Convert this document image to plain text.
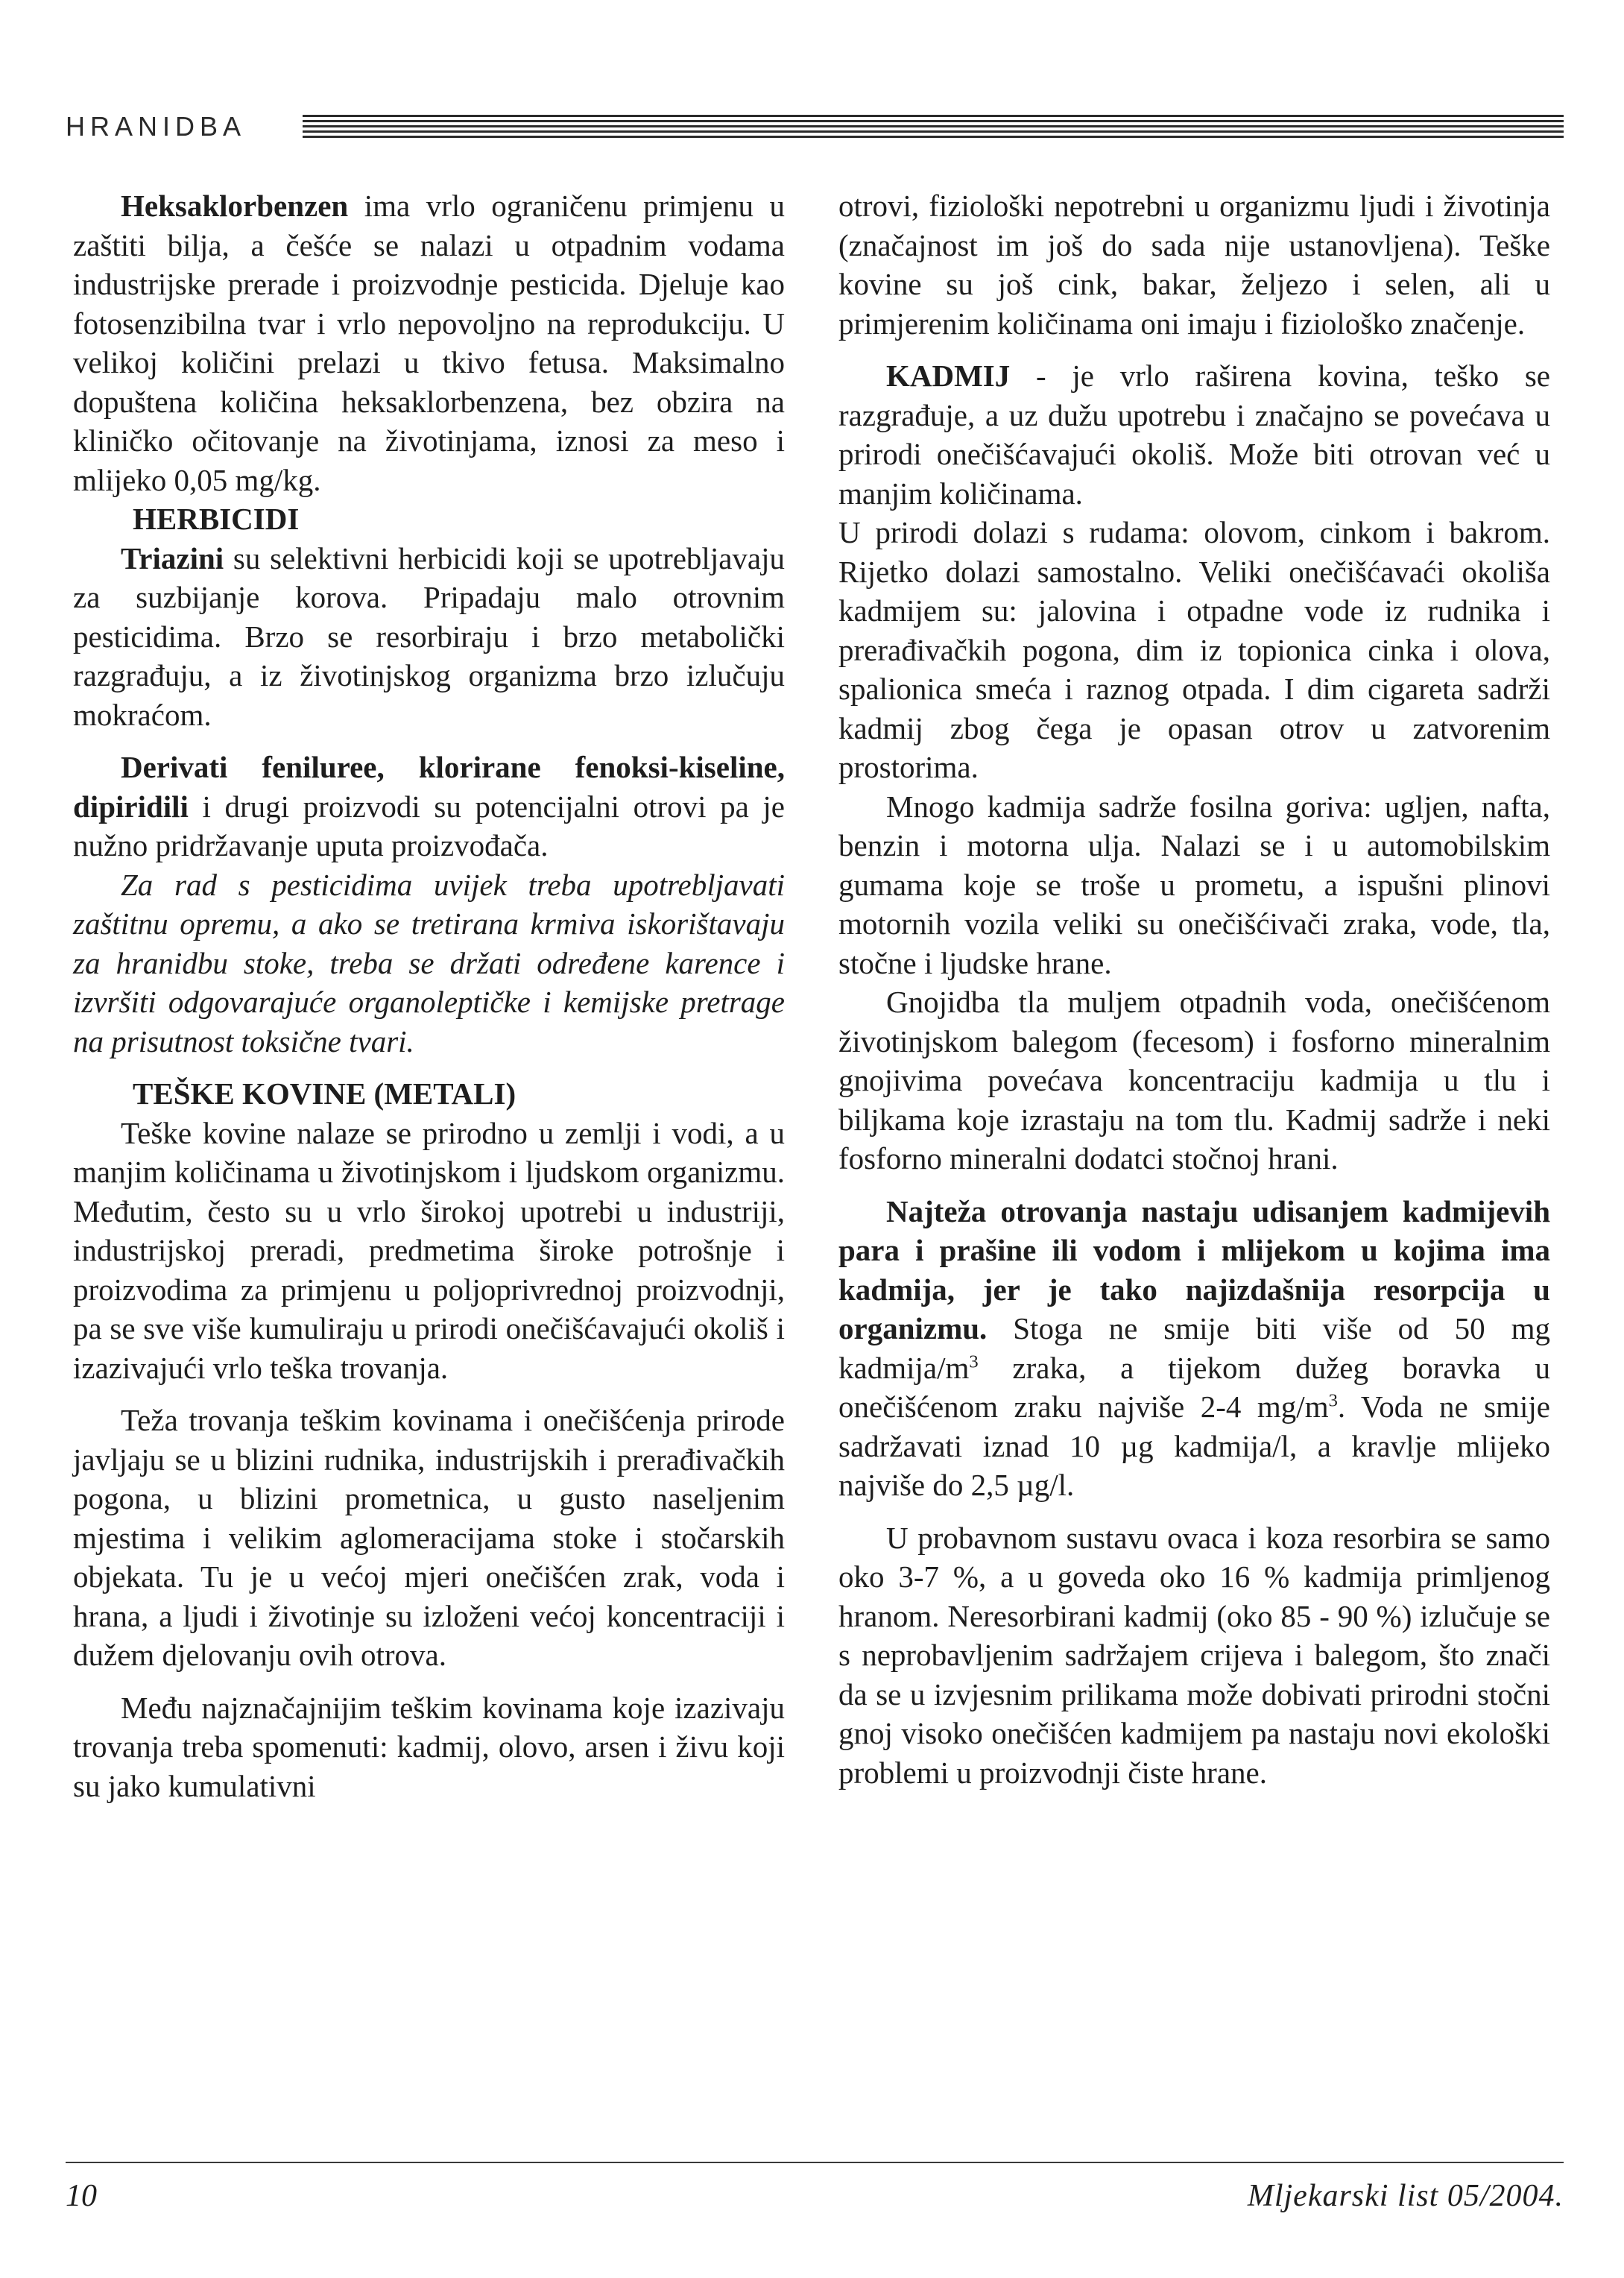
HRANIDBA

Heksaklorbenzen ima vrlo ograničenu primjenu u zaštiti bilja, a češće se nalazi u otpadnim vodama industrijske prerade i proizvodnje pesticida. Djeluje kao fotosenzibilna tvar i vrlo nepovoljno na reprodukciju. U velikoj količini prelazi u tkivo fetusa. Maksimalno dopuštena količina heksaklorbenzena, bez obzira na kliničko očitovanje na životinjama, iznosi za meso i mlijeko 0,05 mg/kg.

HERBICIDI

Triazini su selektivni herbicidi koji se upotrebljavaju za suzbijanje korova. Pripadaju malo otrovnim pesticidima. Brzo se resorbiraju i brzo metabolički razgrađuju, a iz životinjskog organizma brzo izlučuju mokraćom.

Derivati feniluree, klorirane fenoksi-kiseline, dipiridili i drugi proizvodi su potencijalni otrovi pa je nužno pridržavanje uputa proizvođača.

Za rad s pesticidima uvijek treba upotrebljavati zaštitnu opremu, a ako se tretirana krmiva iskorištavaju za hranidbu stoke, treba se držati određene karence i izvršiti odgovarajuće organoleptičke i kemijske pretrage na prisutnost toksične tvari.

TEŠKE KOVINE (METALI)

Teške kovine nalaze se prirodno u zemlji i vodi, a u manjim količinama u životinjskom i ljudskom organizmu. Međutim, često su u vrlo širokoj upotrebi u industriji, industrijskoj preradi, predmetima široke potrošnje i proizvodima za primjenu u poljoprivrednoj proizvodnji, pa se sve više kumuliraju u prirodi onečišćavajući okoliš i izazivajući vrlo teška trovanja.

Teža trovanja teškim kovinama i onečišćenja prirode javljaju se u blizini rudnika, industrijskih i prerađivačkih pogona, u blizini prometnica, u gusto naseljenim mjestima i velikim aglomeracijama stoke i stočarskih objekata. Tu je u većoj mjeri onečišćen zrak, voda i hrana, a ljudi i životinje su izloženi većoj koncentraciji i dužem djelovanju ovih otrova.

Među najznačajnijim teškim kovinama koje izazivaju trovanja treba spomenuti: kadmij, olovo, arsen i živu koji su jako kumulativni

otrovi, fiziološki nepotrebni u organizmu ljudi i životinja (značajnost im još do sada nije ustanovljena). Teške kovine su još cink, bakar, željezo i selen, ali u primjerenim količinama oni imaju i fiziološko značenje.

KADMIJ - je vrlo raširena kovina, teško se razgrađuje, a uz dužu upotrebu i značajno se povećava u prirodi onečišćavajući okoliš. Može biti otrovan već u manjim količinama.

U prirodi dolazi s rudama: olovom, cinkom i bakrom. Rijetko dolazi samostalno. Veliki onečišćavaći okoliša kadmijem su: jalovina i otpadne vode iz rudnika i prerađivačkih pogona, dim iz topionica cinka i olova, spalionica smeća i raznog otpada. I dim cigareta sadrži kadmij zbog čega je opasan otrov u zatvorenim prostorima.

Mnogo kadmija sadrže fosilna goriva: ugljen, nafta, benzin i motorna ulja. Nalazi se i u automobilskim gumama koje se troše u prometu, a ispušni plinovi motornih vozila veliki su onečišćivači zraka, vode, tla, stočne i ljudske hrane.

Gnojidba tla muljem otpadnih voda, onečišćenom životinjskom balegom (fecesom) i fosforno mineralnim gnojivima povećava koncentraciju kadmija u tlu i biljkama koje izrastaju na tom tlu. Kadmij sadrže i neki fosforno mineralni dodatci stočnoj hrani.

Najteža otrovanja nastaju udisanjem kadmijevih para i prašine ili vodom i mlijekom u kojima ima kadmija, jer je tako najizdašnija resorpcija u organizmu. Stoga ne smije biti više od 50 mg kadmija/$m^3$ zraka, a tijekom dužeg boravka u onečišćenom zraku najviše 2-4 $mg/m^3$. Voda ne smije sadržavati iznad 10 µg kadmija/l, a kravlje mlijeko najviše do 2,5 µg/l.

U probavnom sustavu ovaca i koza resorbira se samo oko 3-7 %, a u goveda oko 16 % kadmija primljenog hranom. Neresorbirani kadmij (oko 85 - 90 %) izlučuje se s neprobavljenim sadržajem crijeva i balegom, što znači da se u izvjesnim prilikama može dobivati prirodni stočni gnoj visoko onečišćen kadmijem pa nastaju novi ekološki problemi u proizvodnji čiste hrane.

10	Mljekarski list 05/2004.
